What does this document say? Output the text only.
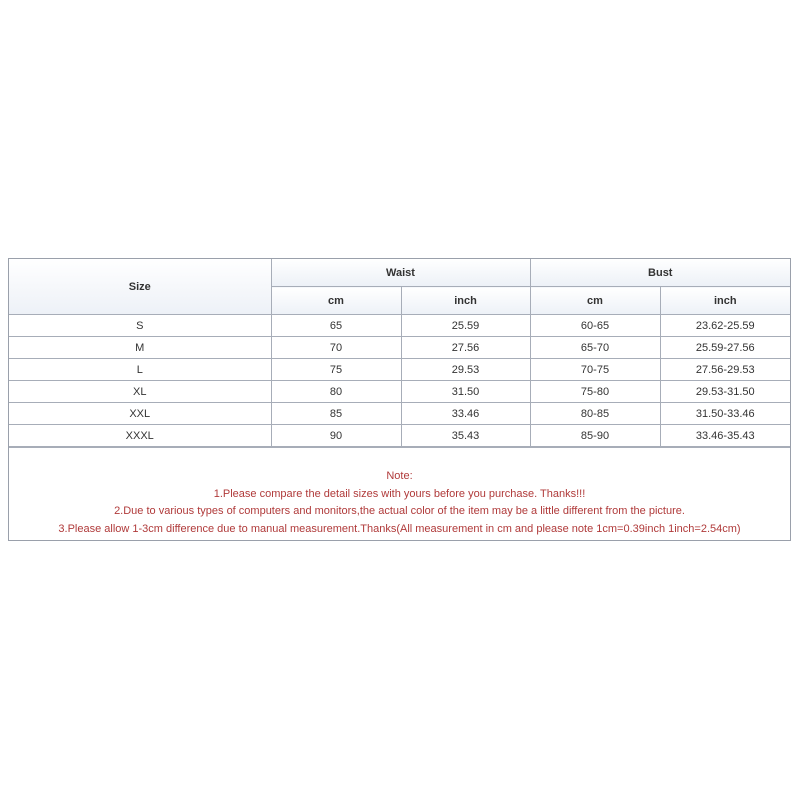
Size	Waist		Bust	
	cm	inch	cm	inch
S	65	25.59	60-65	23.62-25.59
M	70	27.56	65-70	25.59-27.56
L	75	29.53	70-75	27.56-29.53
XL	80	31.50	75-80	29.53-31.50
XXL	85	33.46	80-85	31.50-33.46
XXXL	90	35.43	85-90	33.46-35.43
Note:
1.Please compare the detail sizes with yours before you purchase. Thanks!!!
2.Due to various types of computers and monitors,the actual color of the item may be a little different from the picture.
3.Please allow 1-3cm difference due to manual measurement.Thanks(All measurement in cm and please note 1cm=0.39inch 1inch=2.54cm)
